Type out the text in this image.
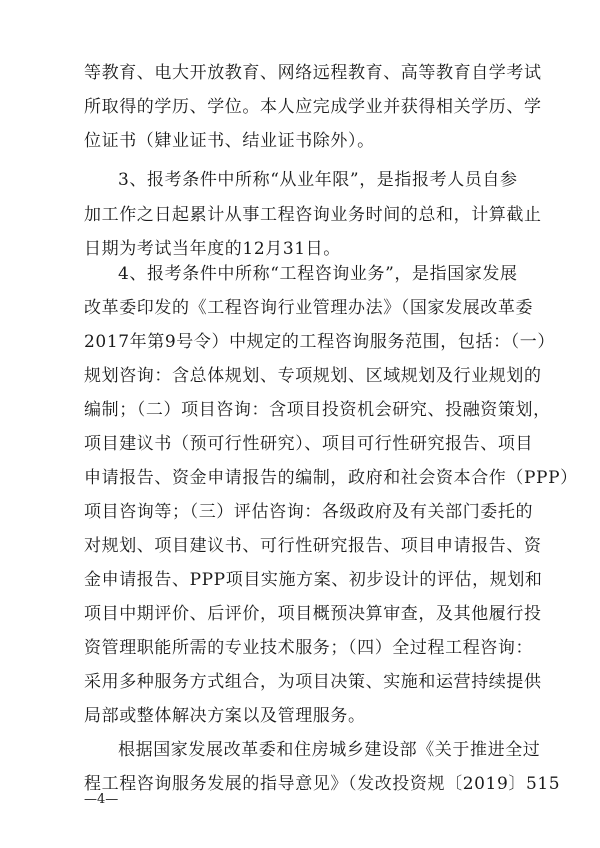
等教育、电大开放教育、网络远程教育、高等教育自学考试
所取得的学历、学位。本人应完成学业并获得相关学历、学
位证书（肄业证书、结业证书除外）。
3、报考条件中所称“从业年限”，是指报考人员自参
加工作之日起累计从事工程咨询业务时间的总和，计算截止
日期为考试当年度的12月31日。
4、报考条件中所称“工程咨询业务”，是指国家发展
改革委印发的《工程咨询行业管理办法》（国家发展改革委
2017年第9号令）中规定的工程咨询服务范围，包括：（一）
规划咨询：含总体规划、专项规划、区域规划及行业规划的
编制；（二）项目咨询：含项目投资机会研究、投融资策划，
项目建议书（预可行性研究）、项目可行性研究报告、项目
申请报告、资金申请报告的编制，政府和社会资本合作（PPP）
项目咨询等；（三）评估咨询：各级政府及有关部门委托的
对规划、项目建议书、可行性研究报告、项目申请报告、资
金申请报告、PPP项目实施方案、初步设计的评估，规划和
项目中期评价、后评价，项目概预决算审查，及其他履行投
资管理职能所需的专业技术服务；（四）全过程工程咨询：
采用多种服务方式组合，为项目决策、实施和运营持续提供
局部或整体解决方案以及管理服务。
根据国家发展改革委和住房城乡建设部《关于推进全过
程工程咨询服务发展的指导意见》（发改投资规〔2019〕515
—4—
